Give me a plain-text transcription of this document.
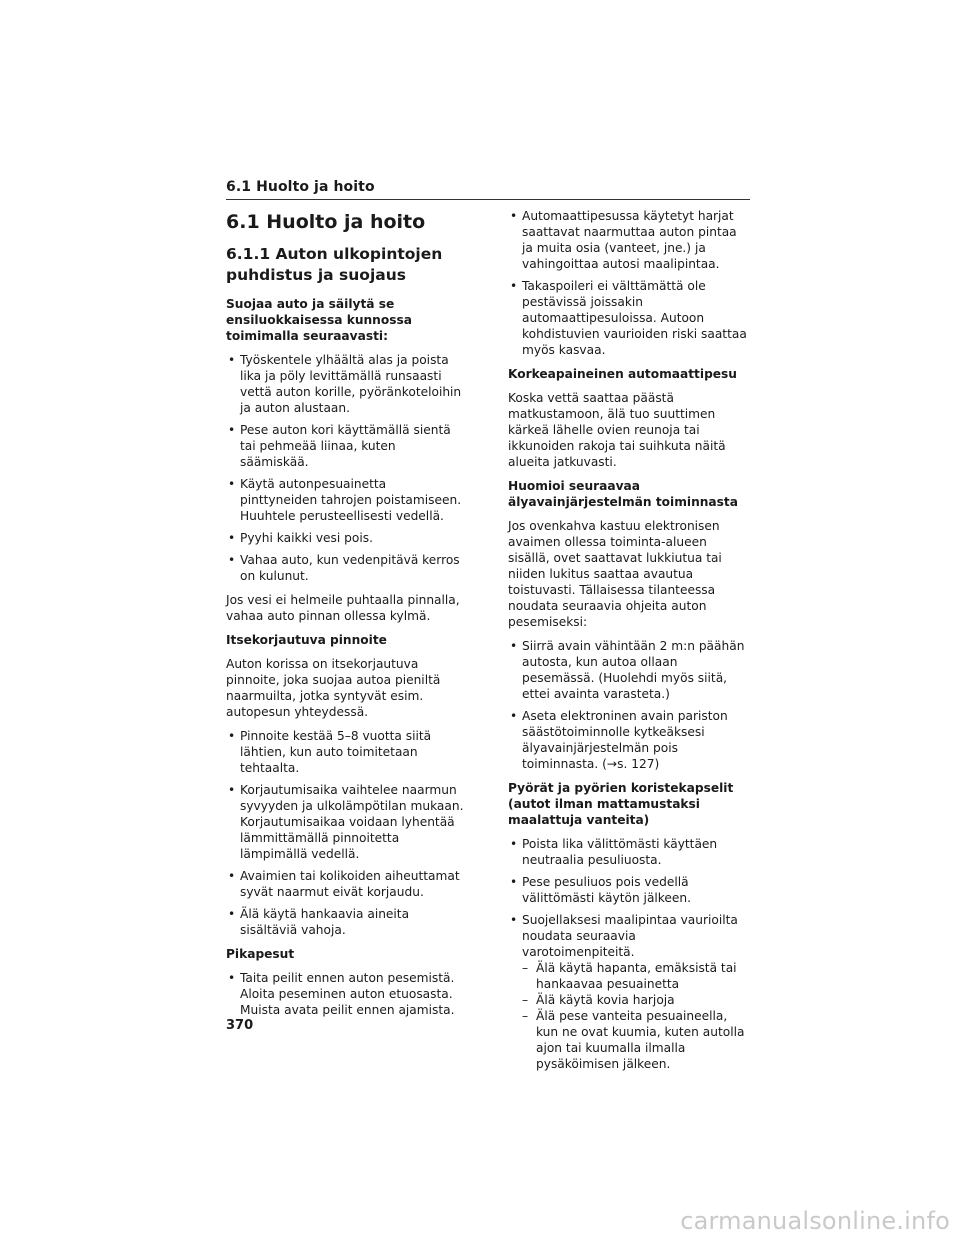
6.1 Huolto ja hoito
6.1 Huolto ja hoito
6.1.1 Auton ulkopintojen puhdistus ja suojaus

Suojaa auto ja säilytä se ensiluokkaisessa kunnossa toimimalla seuraavasti:

• Työskentele ylhäältä alas ja poista lika ja pöly levittämällä runsaasti vettä auton korille, pyöränkoteloihin ja auton alustaan.
• Pese auton kori käyttämällä sientä tai pehmeää liinaa, kuten säämiskää.
• Käytä autonpesuainetta pinttyneiden tahrojen poistamiseen. Huuhtele perusteellisesti vedellä.
• Pyyhi kaikki vesi pois.
• Vahaa auto, kun vedenpitävä kerros on kulunut.

Jos vesi ei helmeile puhtaalla pinnalla, vahaa auto pinnan ollessa kylmä.

Itsekorjautuva pinnoite

Auton korissa on itsekorjautuva pinnoite, joka suojaa autoa pieniltä naarmuilta, jotka syntyvät esim. autopesun yhteydessä.

• Pinnoite kestää 5–8 vuotta siitä lähtien, kun auto toimitetaan tehtaalta.
• Korjautumisaika vaihtelee naarmun syvyyden ja ulkolämpötilan mukaan. Korjautumisaikaa voidaan lyhentää lämmittämällä pinnoitetta lämpimällä vedellä.
• Avaimien tai kolikoiden aiheuttamat syvät naarmut eivät korjaudu.
• Älä käytä hankaavia aineita sisältäviä vahoja.

Pikapesut

• Taita peilit ennen auton pesemistä. Aloita peseminen auton etuosasta. Muista avata peilit ennen ajamista.
• Automaattipesussa käytetyt harjat saattavat naarmuttaa auton pintaa ja muita osia (vanteet, jne.) ja vahingoittaa autosi maalipintaa.
• Takaspoileri ei välttämättä ole pestävissä joissakin automaattipesuloissa. Autoon kohdistuvien vaurioiden riski saattaa myös kasvaa.

Korkeapaineinen automaattipesu

Koska vettä saattaa päästä matkustamoon, älä tuo suuttimen kärkeä lähelle ovien reunoja tai ikkunoiden rakoja tai suihkuta näitä alueita jatkuvasti.

Huomioi seuraavaa älyavainjärjestelmän toiminnasta

Jos ovenkahva kastuu elektronisen avaimen ollessa toiminta-alueen sisällä, ovet saattavat lukkiutua tai niiden lukitus saattaa avautua toistuvasti. Tällaisessa tilanteessa noudata seuraavia ohjeita auton pesemiseksi:

• Siirrä avain vähintään 2 m:n päähän autosta, kun autoa ollaan pesemässä. (Huolehdi myös siitä, ettei avainta varasteta.)
• Aseta elektroninen avain pariston säästötoiminnolle kytkeäksesi älyavainjärjestelmän pois toiminnasta. (→s. 127)

Pyörät ja pyörien koristekapselit (autot ilman mattamustaksi maalattuja vanteita)

• Poista lika välittömästi käyttäen neutraalia pesuliuosta.
• Pese pesuliuos pois vedellä välittömästi käytön jälkeen.
• Suojellaksesi maalipintaa vaurioilta noudata seuraavia varotoimenpiteitä.
– Älä käytä hapanta, emäksistä tai hankaavaa pesuainetta
– Älä käytä kovia harjoja
– Älä pese vanteita pesuaineella, kun ne ovat kuumia, kuten autolla ajon tai kuumalla ilmalla pysäköimisen jälkeen.
370
carmanualsonline.info
